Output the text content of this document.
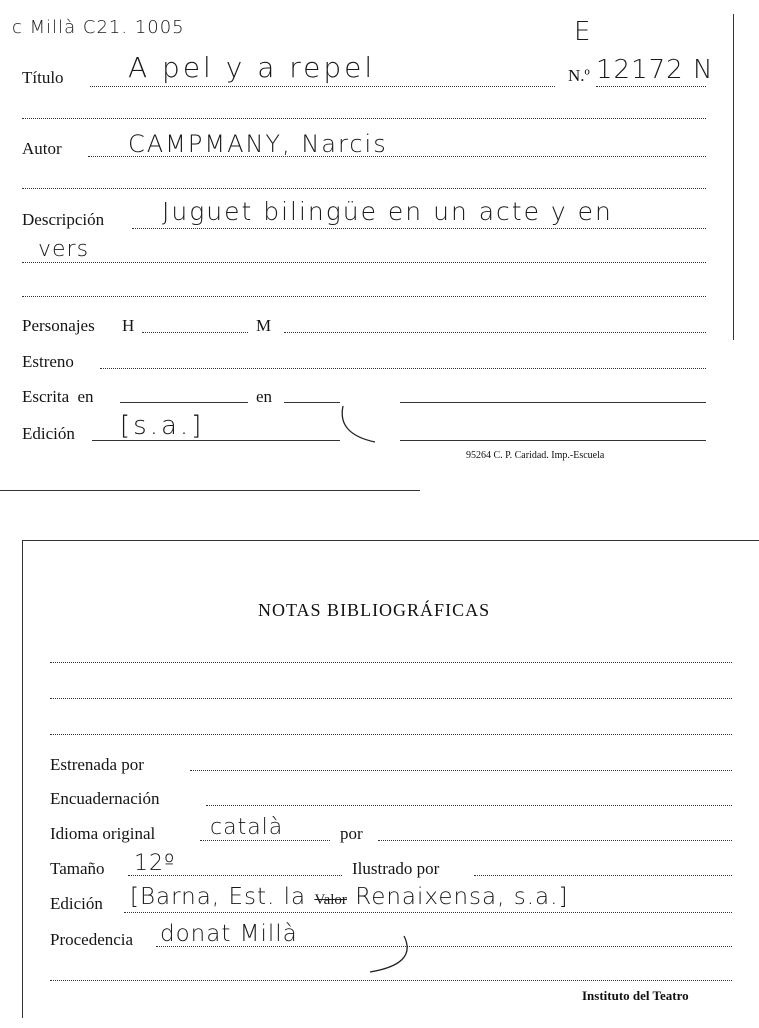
c Millà C21. 1005	E
Título A pel y a repel	N.º 12172 N
Autor	CAMPMANY, Narcis
Descripción Juguet bilingüe en un acte y en
vers
Personajes H	M
Estreno
Escrita en	en
Edición [s.a.]
95264 C. P. Caridad. Imp.-Escuela
NOTAS BIBLIOGRÁFICAS
Estrenada por
Encuadernación
Idioma original català	por
Tamaño 12º	Ilustrado por
Edición [Barna, Est. la Valor Renaixensa, s.a.]
Procedencia donat Millà
Instituto del Teatro
